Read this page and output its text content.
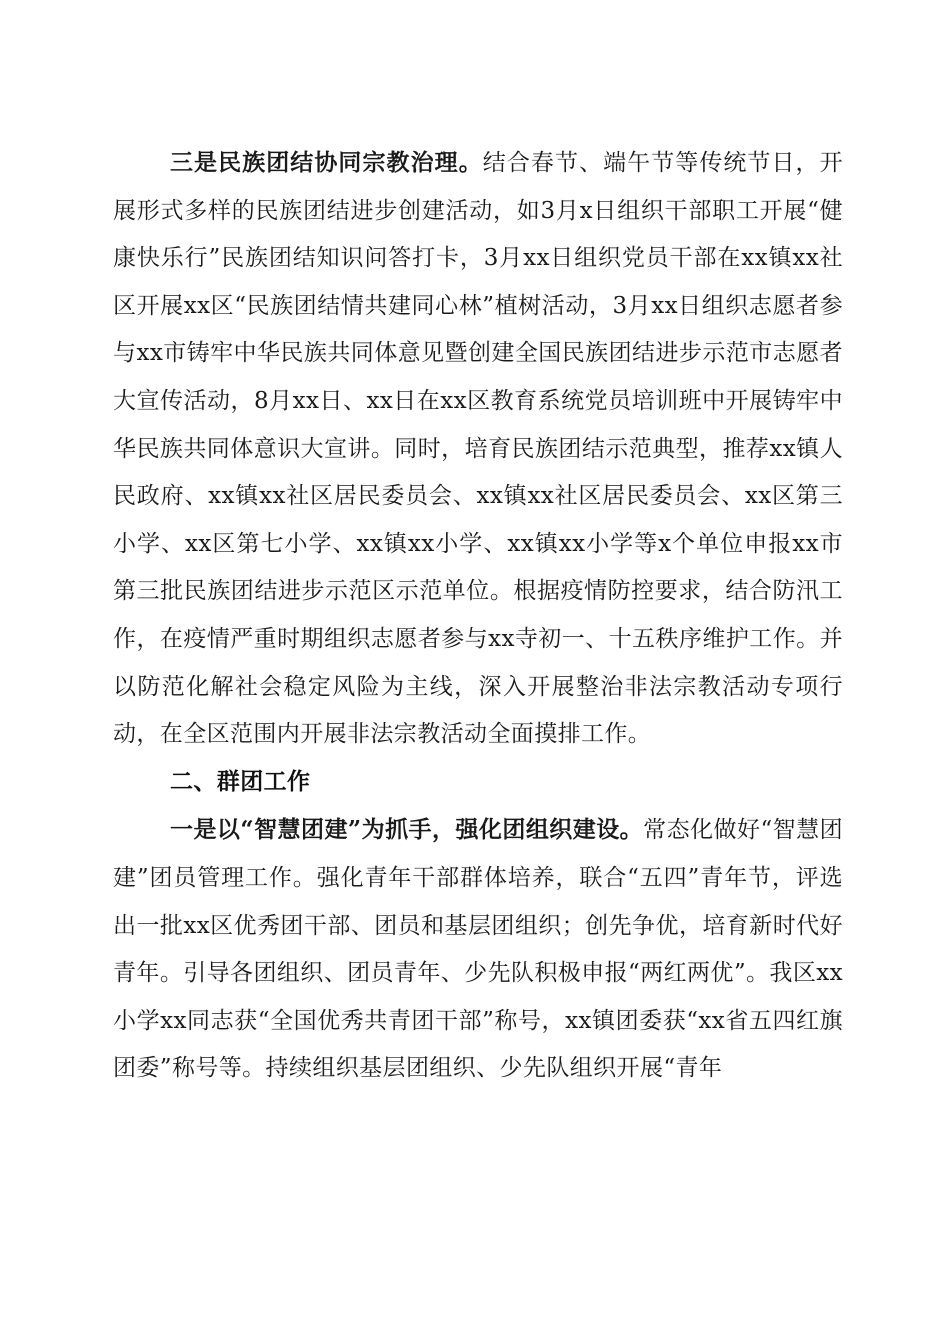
三是民族团结协同宗教治理。结合春节、端午节等传统节日，开展形式多样的民族团结进步创建活动，如3月x日组织干部职工开展“健康快乐行”民族团结知识问答打卡，3月xx日组织党员干部在xx镇xx社区开展xx区“民族团结情共建同心林”植树活动，3月xx日组织志愿者参与xx市铸牢中华民族共同体意见暨创建全国民族团结进步示范市志愿者大宣传活动，8月xx日、xx日在xx区教育系统党员培训班中开展铸牢中华民族共同体意识大宣讲。同时，培育民族团结示范典型，推荐xx镇人民政府、xx镇xx社区居民委员会、xx镇xx社区居民委员会、xx区第三小学、xx区第七小学、xx镇xx小学、xx镇xx小学等x个单位申报xx市第三批民族团结进步示范区示范单位。根据疫情防控要求，结合防汛工作，在疫情严重时期组织志愿者参与xx寺初一、十五秩序维护工作。并以防范化解社会稳定风险为主线，深入开展整治非法宗教活动专项行动，在全区范围内开展非法宗教活动全面摸排工作。

二、群团工作

一是以“智慧团建”为抓手，强化团组织建设。常态化做好“智慧团建”团员管理工作。强化青年干部群体培养，联合“五四”青年节，评选出一批xx区优秀团干部、团员和基层团组织；创先争优，培育新时代好青年。引导各团组织、团员青年、少先队积极申报“两红两优”。我区xx小学xx同志获“全国优秀共青团干部”称号，xx镇团委获“xx省五四红旗团委”称号等。持续组织基层团组织、少先队组织开展“青年
